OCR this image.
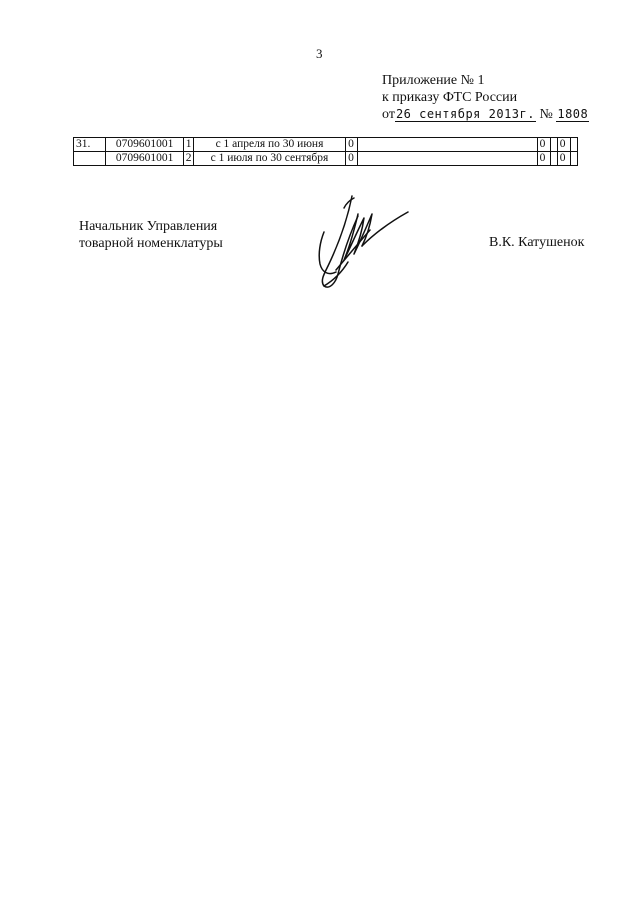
3
Приложение № 1
к приказу ФТС России
от26 сентября 2013г. № 1808
31.	0709601001	1	с 1 апреля по 30 июня	0		0		0	
	0709601001	2	с 1 июля по 30 сентября	0		0		0	
Начальник Управления
товарной номенклатуры	В.К. Катушенок
